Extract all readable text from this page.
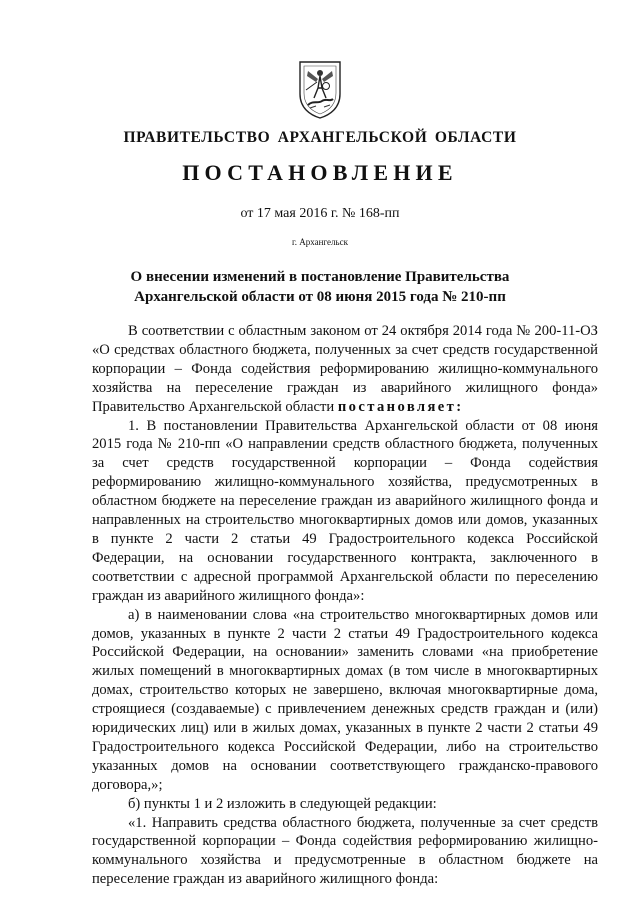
ПРАВИТЕЛЬСТВО АРХАНГЕЛЬСКОЙ ОБЛАСТИ
ПОСТАНОВЛЕНИЕ
от 17 мая 2016 г. № 168-пп
г. Архангельск
О внесении изменений в постановление Правительства
Архангельской области от 08 июня 2015 года № 210-пп

В соответствии с областным законом от 24 октября 2014 года № 200-11-ОЗ «О средствах областного бюджета, полученных за счет средств государственной корпорации – Фонда содействия реформированию жилищно-коммунального хозяйства на переселение граждан из аварийного жилищного фонда» Правительство Архангельской области постановляет:

1. В постановлении Правительства Архангельской области от 08 июня 2015 года № 210-пп «О направлении средств областного бюджета, полученных за счет средств государственной корпорации – Фонда содействия реформированию жилищно-коммунального хозяйства, предусмотренных в областном бюджете на переселение граждан из аварийного жилищного фонда и направленных на строительство многоквартирных домов или домов, указанных в пункте 2 части 2 статьи 49 Градостроительного кодекса Российской Федерации, на основании государственного контракта, заключенного в соответствии с адресной программой Архангельской области по переселению граждан из аварийного жилищного фонда»:

а) в наименовании слова «на строительство многоквартирных домов или домов, указанных в пункте 2 части 2 статьи 49 Градостроительного кодекса Российской Федерации, на основании» заменить словами «на приобретение жилых помещений в многоквартирных домах (в том числе в многоквартирных домах, строительство которых не завершено, включая многоквартирные дома, строящиеся (создаваемые) с привлечением денежных средств граждан и (или) юридических лиц) или в жилых домах, указанных в пункте 2 части 2 статьи 49 Градостроительного кодекса Российской Федерации, либо на строительство указанных домов на основании соответствующего гражданско-правового договора,»;

б) пункты 1 и 2 изложить в следующей редакции:

«1. Направить средства областного бюджета, полученные за счет средств государственной корпорации – Фонда содействия реформированию жилищно-коммунального хозяйства и предусмотренные в областном бюджете на переселение граждан из аварийного жилищного фонда:
